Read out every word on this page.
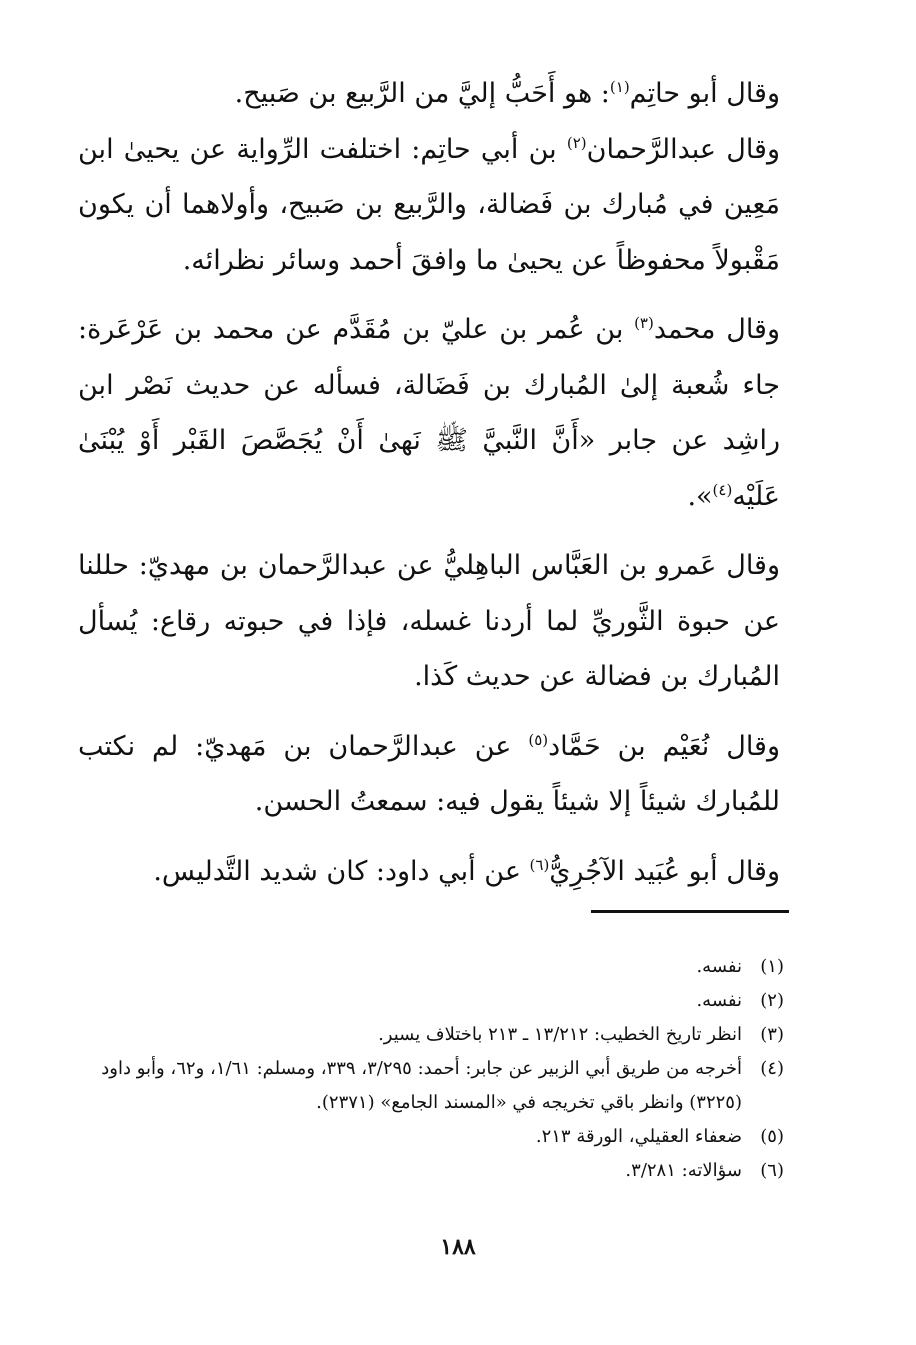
وقال أبو حاتِم$^{(١)}$: هو أَحَبُّ إليَّ من الرَّبيع بن صَبيح.

وقال عبدالرَّحمان$^{(٢)}$ بن أبي حاتِم: اختلفت الرِّواية عن يحيىٰ ابن مَعِين في مُبارك بن فَضالة، والرَّبيع بن صَبيح، وأولاهما أن يكون مَقْبولاً محفوظاً عن يحيىٰ ما وافقَ أحمد وسائر نظرائه.

وقال محمد$^{(٣)}$ بن عُمر بن عليّ بن مُقَدَّم عن محمد بن عَرْعَرة: جاء شُعبة إلىٰ المُبارك بن فَضَالة، فسأله عن حديث نَصْر ابن راشِد عن جابر «أَنَّ النَّبيَّ ﷺ نَهىٰ أَنْ يُجَصَّصَ القَبْر أَوْ يُبْنَىٰ عَلَيْه$^{(٤)}$».

وقال عَمرو بن العَبَّاس الباهِليُّ عن عبدالرَّحمان بن مهديّ: حللنا عن حبوة الثَّوريِّ لما أردنا غسله، فإذا في حبوته رقاع: يُسأل المُبارك بن فضالة عن حديث كَذا.

وقال نُعَيْم بن حَمَّاد$^{(٥)}$ عن عبدالرَّحمان بن مَهديّ: لم نكتب للمُبارك شيئاً إلا شيئاً يقول فيه: سمعتُ الحسن.

وقال أبو عُبَيد الآجُرِيُّ$^{(٦)}$ عن أبي داود: كان شديد التَّدليس.

(١)
نفسه.
(٢)
نفسه.
(٣)
انظر تاريخ الخطيب: ١٣/٢١٢ ـ ٢١٣ باختلاف يسير.
(٤)
أخرجه من طريق أبي الزبير عن جابر: أحمد: ٣/٢٩٥، ٣٣٩، ومسلم: ١/٦١، و٦٢، وأبو داود (٣٢٢٥) وانظر باقي تخريجه في «المسند الجامع» (٢٣٧١).
(٥)
ضعفاء العقيلي، الورقة ٢١٣.
(٦)
سؤالاته: ٣/٢٨١.
١٨٨
